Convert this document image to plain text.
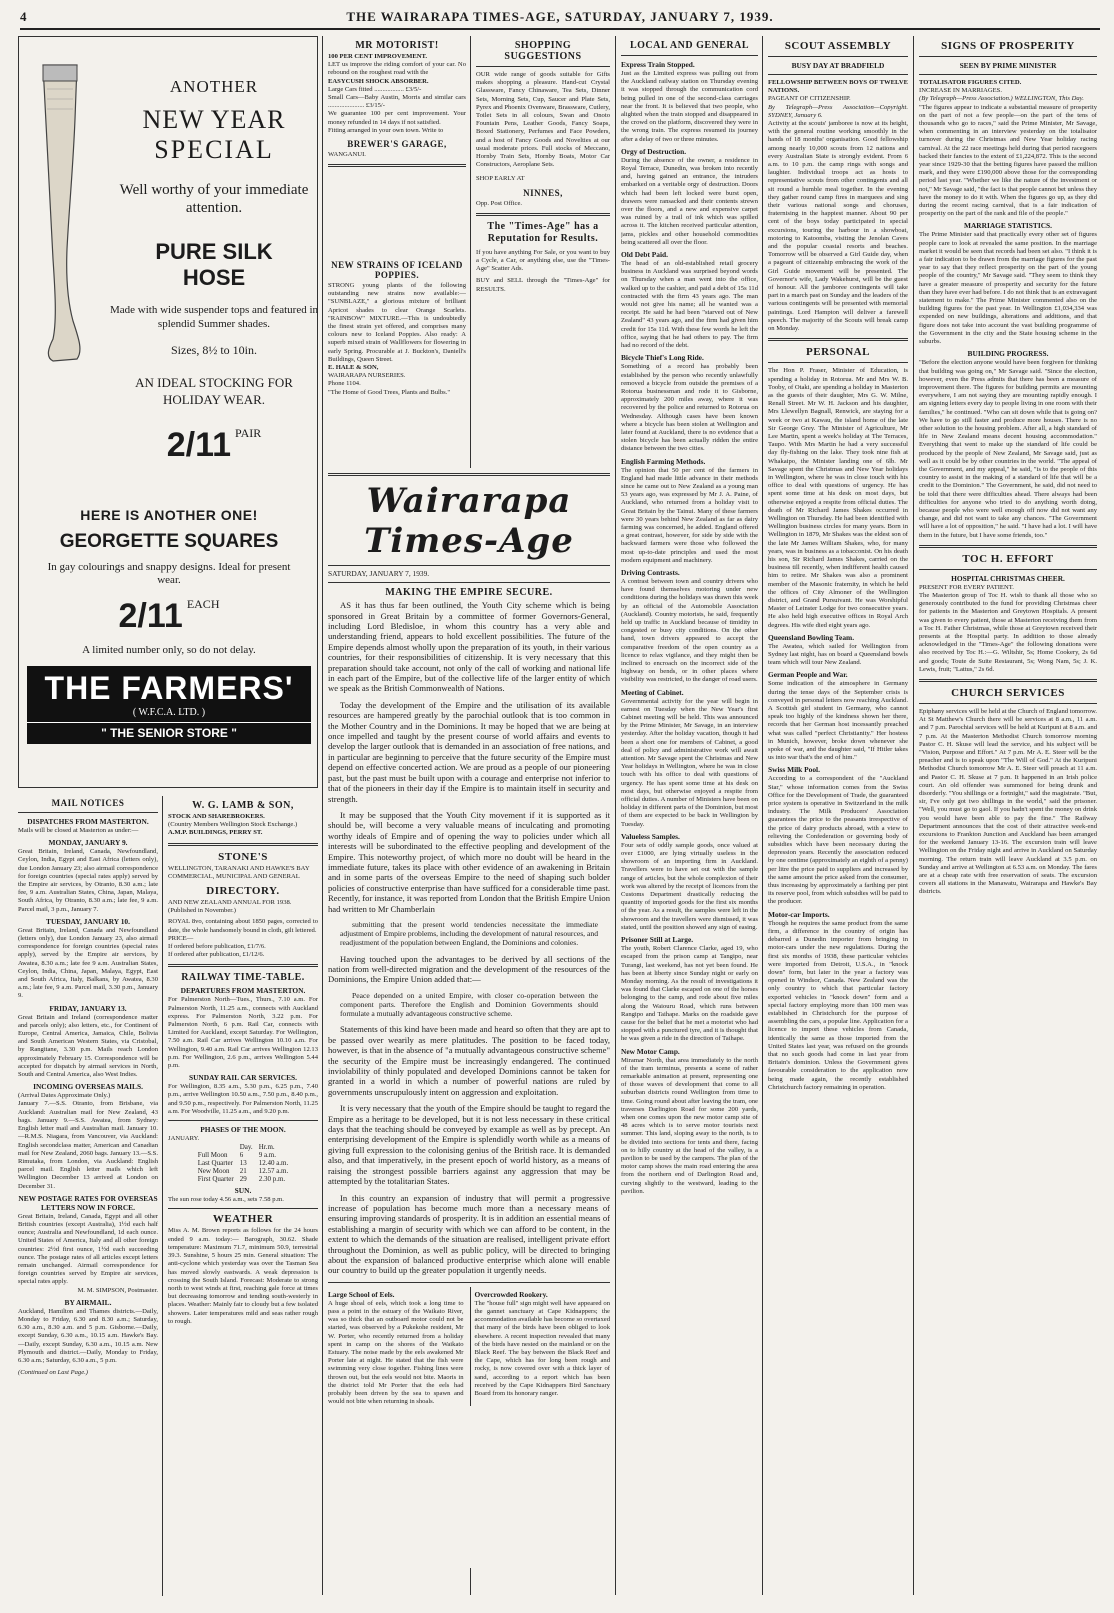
4	THE WAIRARAPA TIMES-AGE, SATURDAY, JANUARY 7, 1939.
ANOTHER
NEW YEAR
SPECIAL
Well worthy of your immediate attention.
PURE SILK HOSE
Made with wide suspender tops and featured in splendid Summer shades.
Sizes, 8½ to 10in.
AN IDEAL STOCKING FOR HOLIDAY WEAR.
2/11 $^{PAIR}$
HERE IS ANOTHER ONE!
GEORGETTE SQUARES
In gay colourings and snappy designs. Ideal for present wear.
2/11 $^{EACH}$
A limited number only, so do not delay.
THE FARMERS'
( W.F.C.A. LTD. )
" THE SENIOR STORE "
MAIL NOTICES
DISPATCHES FROM MASTERTON.
Mails will be closed at Masterton as under:—
MONDAY, JANUARY 9.
Great Britain, Ireland, Canada, Newfoundland, Ceylon, India, Egypt and East Africa (letters only), due London January 23; also airmail correspondence for foreign countries (special rates apply) served by the Empire air services, by Otranto, 8.30 a.m.; late fee, 9 a.m. Australian States, China, Japan, Malaya, South Africa, by Otranto, 8.30 a.m.; late fee, 9 a.m. Parcel mail, 3 p.m., January 7.
TUESDAY, JANUARY 10.
Great Britain, Ireland, Canada and Newfoundland (letters only), due London January 23, also airmail correspondence for foreign countries (special rates apply), served by the Empire air services, by Awatea, 8.30 a.m.; late fee 9 a.m. Australian States, Ceylon, India, China, Japan, Malaya, Egypt, East and South Africa, Italy, Balkans, by Awatea, 8.30 a.m.; late fee, 9 a.m. Parcel mail, 3.30 p.m., January 9.
FRIDAY, JANUARY 13.
Great Britain and Ireland (correspondence matter and parcels only); also letters, etc., for Continent of Europe, Central America, Jamaica, Chile, Bolivia and South American Western States, via Cristobal, by Rangitane, 3.30 p.m. Mails reach London approximately February 15. Correspondence will be accepted for dispatch by airmail services in North, South and Central America, also West Indies.
INCOMING OVERSEAS MAILS.
(Arrival Dates Approximate Only.)
January 7.—S.S. Otranto, from Brisbane, via Auckland: Australian mail for New Zealand, 43 bags. January 9.—S.S. Awatea, from Sydney: English letter mail and Australian mail. January 10.—R.M.S. Niagara, from Vancouver, via Auckland: English secondclass matter, American and Canadian mail for New Zealand, 2060 bags. January 13.—S.S. Rimutaka, from London, via Auckland: English parcel mail. English letter mails which left Wellington December 13 arrived at London on December 31.
NEW POSTAGE RATES FOR OVERSEAS LETTERS NOW IN FORCE.
Great Britain, Ireland, Canada, Egypt and all other British countries (except Australia), 1½d each half ounce; Australia and Newfoundland, 1d each ounce. United States of America, Italy and all other foreign countries: 2½d first ounce, 1½d each succeeding ounce. The postage rates of all articles except letters remain unchanged. Airmail correspondence for foreign countries served by Empire air services, special rates apply.
M. M. SIMPSON, Postmaster.
BY AIRMAIL.
Auckland, Hamilton and Thames districts.—Daily, Monday to Friday, 6.30 and 8.30 a.m.; Saturday, 6.30 a.m., 8.30 a.m. and 5 p.m. Gisborne.—Daily, except Sunday, 6.30 a.m., 10.15 a.m. Hawke's Bay.—Daily, except Sunday, 6.30 a.m., 10.15 a.m. New Plymouth and district.—Daily, Monday to Friday, 6.30 a.m.; Saturday, 6.30 a.m., 5 p.m.
(Continued on Last Page.)
W. G. LAMB & SON,
STOCK AND SHAREBROKERS.
(Country Members Wellington Stock Exchange.)
A.M.P. BUILDINGS, PERRY ST.
STONE'S
WELLINGTON, TARANAKI AND HAWKE'S BAY
COMMERCIAL, MUNICIPAL AND GENERAL
DIRECTORY.
AND NEW ZEALAND ANNUAL FOR 1938.
(Published in November.)
ROYAL 8vo, containing about 1850 pages, corrected to date, the whole handsomely bound in cloth, gilt lettered.
PRICE—
If ordered before publication, £1/7/6.
If ordered after publication, £1/12/6.
RAILWAY TIME-TABLE.
DEPARTURES FROM MASTERTON.
For Palmerston North—Tues., Thurs., 7.10 a.m. For Palmerston North, 11.25 a.m., connects with Auckland express. For Palmerston North, 3.22 p.m. For Palmerston North, 6 p.m. Rail Car, connects with Limited for Auckland, except Saturday. For Wellington, 7.50 a.m. Rail Car arrives Wellington 10.10 a.m. For Wellington, 9.40 a.m. Rail Car arrives Wellington 12.13 p.m. For Wellington, 2.6 p.m., arrives Wellington 5.44 p.m.
SUNDAY RAIL CAR SERVICES.
For Wellington, 8.35 a.m., 5.30 p.m., 6.25 p.m., 7.40 p.m., arrive Wellington 10.50 a.m., 7.50 p.m., 8.40 p.m., and 9.50 p.m., respectively. For Palmerston North, 11.25 a.m. For Woodville, 11.25 a.m., and 9.20 p.m.
PHASES OF THE MOON.
JANUARY.
	Day.	Hr.m.
Full Moon	6	9 a.m.
Last Quarter	13	12.40 a.m.
New Moon	21	12.57 a.m.
First Quarter	29	2.30 p.m.
SUN.
The sun rose today 4.56 a.m., sets 7.58 p.m.
WEATHER
Miss A. M. Brown reports as follows for the 24 hours ended 9 a.m. today:— Barograph, 30.62. Shade temperature: Maximum 71.7, minimum 50.9, terrestrial 39.3. Sunshine, 5 hours 25 min. General situation: The anti-cyclone which yesterday was over the Tasman Sea has moved slowly eastwards. A weak depression is crossing the South Island. Forecast: Moderate to strong north to west winds at first, reaching gale force at times but decreasing tomorrow and tending south-westerly in places. Weather: Mainly fair to cloudy but a few isolated showers. Later temperatures mild and seas rather rough to rough.
MR MOTORIST!
100 PER CENT IMPROVEMENT.
LET us improve the riding comfort of your car. No rebound on the roughest road with the
EASYCUSH SHOCK ABSORBER.
Large Cars fitted .................. £3/5/-
Small Cars—Baby Austin, Morris and similar cars ...................... £3/15/-
We guarantee 100 per cent improvement. Your money refunded in 14 days if not satisfied.
Fitting arranged in your own town. Write to
BREWER'S GARAGE,
WANGANUI.
NEW STRAINS OF ICELAND POPPIES.
STRONG young plants of the following outstanding new strains now available:— "SUNBLAZE," a glorious mixture of brilliant Apricot shades to clear Orange Scarlets. "RAINBOW" MIXTURE.—This is undoubtedly the finest strain yet offered, and comprises many colours new to Iceland Poppies. Also ready: A superb mixed strain of Wallflowers for flowering in early Spring. Procurable at J. Buckton's, Daniell's Buildings, Queen Street.
E. HALE & SON,
WAIRARAPA NURSERIES.
Phone 1104.
"The Home of Good Trees, Plants and Bulbs."
SHOPPING SUGGESTIONS
OUR wide range of goods suitable for Gifts makes shopping a pleasure. Hand-cut Crystal Glassware, Fancy Chinaware, Tea Sets, Dinner Sets, Morning Sets, Cup, Saucer and Plate Sets, Pyrex and Phoenix Ovenware, Brassware, Cutlery, Toilet Sets in all colours, Swan and Onoto Fountain Pens, Leather Goods, Fancy Soaps, Boxed Stationery, Perfumes and Face Powders, and a host of Fancy Goods and Novelties at our usual moderate prices. Full stocks of Meccano, Hornby Train Sets, Hornby Boats, Motor Car Constructors, Aeroplane Sets.
SHOP EARLY AT
NINNES,
Opp. Post Office.
The "Times-Age" has a Reputation for Results.
If you have anything For Sale, or you want to buy a Cycle, a Car, or anything else, use the "Times-Age" Scatter Ads.
BUY and SELL through the "Times-Age" for RESULTS.
Wairarapa Times-Age
SATURDAY, JANUARY 7, 1939.
MAKING THE EMPIRE SECURE.

AS it has thus far been outlined, the Youth City scheme which is being sponsored in Great Britain by a committee of former Governors-General, including Lord Bledisloe, in whom this country has a very able and understanding friend, appears to hold excellent possibilities. The future of the Empire depends almost wholly upon the preparation of its youth, in their various countries, for their responsibilities of citizenship. It is very necessary that this preparation should take account, not only of the call of working and national life in each part of the Empire, but of the collective life of the larger entity of which we speak as the British Commonwealth of Nations.

Today the development of the Empire and the utilisation of its available resources are hampered greatly by the parochial outlook that is too common in the Mother Country and in the Dominions. It may be hoped that we are being at once impelled and taught by the present course of world affairs and events to develop the larger outlook that is demanded in an association of free nations, and in particular are beginning to perceive that the future security of the Empire must depend on effective concerted action. We are proud as a people of our pioneering past, but the past must be built upon with a courage and enterprise not inferior to that of the pioneers in their day if the Empire is to maintain itself in security and strength.

It may be supposed that the Youth City movement if it is supported as it should be, will become a very valuable means of inculcating and promoting worthy ideals of Empire and of opening the way to policies under which all interests will be subordinated to the effective peopling and development of the Empire. This noteworthy project, of which more no doubt will be heard in the immediate future, takes its place with other evidence of an awakening in Britain and in some parts of the overseas Empire to the need of shaping such bolder policies of constructive enterprise than have sufficed for a considerable time past. Recently, for instance, it was reported from London that the British Empire Union had written to Mr Chamberlain

submitting that the present world tendencies necessitate the immediate adjustment of Empire problems, including the development of natural resources, and readjustment of the population between England, the Dominions and colonies.

Having touched upon the advantages to be derived by all sections of the nation from well-directed migration and the development of the resources of the Dominions, the Empire Union added that:—

Peace depended on a united Empire, with closer co-operation between the component parts. Therefore the English and Dominion Governments should formulate a mutually advantageous constructive scheme.

Statements of this kind have been made and heard so often that they are apt to be passed over wearily as mere platitudes. The position to be faced today, however, is that in the absence of "a mutually advantageous constructive scheme" the security of the Empire must be increasingly endangered. The continued inviolability of thinly populated and developed Dominions cannot be taken for granted in a world in which a number of powerful nations are ruled by governments unscrupulously intent on aggression and exploitation.

It is very necessary that the youth of the Empire should be taught to regard the Empire as a heritage to be developed, but it is not less necessary in these critical days that the teaching should be conveyed by example as well as by precept. An enterprising development of the Empire is splendidly worth while as a means of giving full expression to the colonising genius of the British race. It is demanded also, and that imperatively, in the present epoch of world history, as a means of raising the strongest possible barriers against any aggression that may be attempted by the totalitarian States.

In this country an expansion of industry that will permit a progressive increase of population has become much more than a necessary means of ensuring improving standards of prosperity. It is in addition an essential means of establishing a margin of security with which we can afford to be content, in the extent to which the demands of the situation are realised, intelligent private effort throughout the Dominion, as well as public policy, will be directed to bringing about the expansion of balanced productive enterprise which alone will enable our country to build up the greater population it urgently needs.

Large School of Eels.
A huge shoal of eels, which took a long time to pass a point in the estuary of the Waikato River, was so thick that an outboard motor could not be started, was observed by a Pukekohe resident, Mr W. Porter, who recently returned from a holiday spent in camp on the shores of the Waikato Estuary. The noise made by the eels awakened Mr Porter late at night. He stated that the fish were swimming very close together. Fishing lines were thrown out, but the eels would not bite. Maoris in the district told Mr Porter that the eels had probably been driven by the sea to spawn and would not bite when returning in shoals.
Overcrowded Rookery.
The "house full" sign might well have appeared on the gannet sanctuary at Cape Kidnappers; the accommodation available has become so overtaxed that many of the birds have been obliged to look elsewhere. A recent inspection revealed that many of the birds have nested on the mainland or on the Black Reef. The bay between the Black Reef and the Cape, which has for long been rough and rocky, is now covered over with a thick layer of sand, according to a report which has been received by the Cape Kidnappers Bird Sanctuary Board from its honorary ranger.
LOCAL AND GENERAL
Express Train Stopped.
Just as the Limited express was pulling out from the Auckland railway station on Thursday evening it was stopped through the communication cord being pulled in one of the second-class carriages near the front. It is believed that two people, who alighted when the train stopped and disappeared in the crowd on the platform, discovered they were in the wrong train. The express resumed its journey after a delay of two or three minutes.
Orgy of Destruction.
During the absence of the owner, a residence in Royal Terrace, Dunedin, was broken into recently and, having gained an entrance, the intruders embarked on a veritable orgy of destruction. Doors which had been left locked were burst open, drawers were ransacked and their contents strewn over the floors, and a new and expensive carpet was ruined by a trail of ink which was spilled across it. The kitchen received particular attention, jams, pickles and other household commodities being scattered all over the floor.
Old Debt Paid.
The head of an old-established retail grocery business in Auckland was surprised beyond words on Thursday when a man went into the office, walked up to the cashier, and paid a debt of 15s 11d contracted with the firm 43 years ago. The man would not give his name; all he wanted was a receipt. He said he had been "starved out of New Zealand" 43 years ago, and the firm had given him credit for 15s 11d. With these few words he left the office, saying that he had others to pay. The firm had no record of the debt.
Bicycle Thief's Long Ride.
Something of a record has probably been established by the person who recently unlawfully removed a bicycle from outside the premises of a Rotorua businessman and rode it to Gisborne, approximately 200 miles away, where it was recovered by the police and returned to Rotorua on Wednesday. Although cases have been known where a bicycle has been stolen at Wellington and later found at Auckland, there is no evidence that a stolen bicycle has been actually ridden the entire distance between the two cities.
English Farming Methods.
The opinion that 50 per cent of the farmers in England had made little advance in their methods since he came out to New Zealand as a young man 53 years ago, was expressed by Mr J. A. Paine, of Auckland, who returned from a holiday visit to Great Britain by the Tainui. Many of these farmers were 30 years behind New Zealand as far as dairy farming was concerned, he added. England offered a great contrast, however, for side by side with the backward farmers were those who followed the most up-to-date principles and used the most modern equipment and machinery.
Driving Contrasts.
A contrast between town and country drivers who have found themselves motoring under new conditions during the holidays was drawn this week by an official of the Automobile Association (Auckland). Country motorists, he said, frequently held up traffic in Auckland because of timidity in congested or busy city conditions. On the other hand, town drivers appeared to accept the comparative freedom of the open country as a licence to relax vigilance, and they might then be inclined to encroach on the incorrect side of the highway on bends, or in other places where visibility was restricted, to the danger of road users.
Meeting of Cabinet.
Governmental activity for the year will begin in earnest on Tuesday when the New Year's first Cabinet meeting will be held. This was announced by the Prime Minister, Mr Savage, in an interview yesterday. After the holiday vacation, though it had been a short one for members of Cabinet, a good deal of policy and administrative work will await attention. Mr Savage spent the Christmas and New Year holidays in Wellington, where he was in close touch with his office to deal with questions of urgency. He has spent some time at his desk on most days, but otherwise enjoyed a respite from official duties. A number of Ministers have been on holiday in different parts of the Dominion, but most of them are expected to be back in Wellington by Tuesday.
Valueless Samples.
Four sets of oddly sample goods, once valued at over £1000, are lying virtually useless in the showroom of an importing firm in Auckland. Travellers were to have set out with the sample range of articles, but the whole complexion of their work was altered by the receipt of licences from the Customs Department drastically reducing the quantity of imported goods for the first six months of the year. As a result, the samples were left in the showroom and the travellers were dismissed, it was stated, until the position showed any sign of easing.
Prisoner Still at Large.
The youth, Robert Clarence Clarke, aged 19, who escaped from the prison camp at Tangipo, near Turangi, last weekend, has not yet been found. He has been at liberty since Sunday night or early on Monday morning. As the result of investigations it was found that Clarke escaped on one of the horses belonging to the camp, and rode about five miles along the Waiouru Road, which runs between Rangipo and Taihape. Marks on the roadside gave cause for the belief that he met a motorist who had stopped with a punctured tyre, and it is thought that he was given a ride in the direction of Taihape.
New Motor Camp.
Miramar North, that area immediately to the north of the tram terminus, presents a scene of rather remarkable animation at present, representing one of those waves of development that come to all suburban districts round Wellington from time to time. Going round about after leaving the tram, one traverses Darlington Road for some 200 yards, when one comes upon the new motor camp site of 48 acres which is to serve motor tourists next summer. This land, sloping away to the north, is to be divided into sections for tents and there, facing on to hilly country at the head of the valley, is a pavilion to be used by the campers. The plan of the motor camp shows the main road entering the area from the northern end of Darlington Road and, curving slightly to the westward, leading to the pavilion.
SCOUT ASSEMBLY
BUSY DAY AT BRADFIELD
FELLOWSHIP BETWEEN BOYS OF TWELVE NATIONS.
PAGEANT OF CITIZENSHIP.
By Telegraph—Press Association—Copyright. SYDNEY, January 6.
Activity at the scouts' jamboree is now at its height, with the general routine working smoothly in the hands of 18 months' organisation. Good fellowship among nearly 10,000 scouts from 12 nations and every Australian State is strongly evident. From 6 a.m. to 10 p.m. the camp rings with songs and laughter. Individual troops act as hosts to representative scouts from other contingents and all sit round a humble meal together. In the evening they gather round camp fires in marquees and sing their various national songs and choruses, fraternising in the happiest manner. About 90 per cent of the boys today participated in special excursions, touring the harbour in a showboat, motoring to Katoomba, visiting the Jenolan Caves and the popular coastal resorts and beaches. Tomorrow will be observed a Girl Guide day, when a pageant of citizenship embracing the work of the Girl Guide movement will be presented. The Governor's wife, Lady Wakehurst, will be the guest of honour. All the jamboree contingents will take part in a march past on Sunday and the leaders of the various contingents will be presented with memorial paintings. Lord Hampton will deliver a farewell speech. The majority of the Scouts will break camp on Monday.
PERSONAL
The Hon P. Fraser, Minister of Education, is spending a holiday in Rotorua. Mr and Mrs W. B. Tooby, of Otaki, are spending a holiday in Masterton as the guests of their daughter, Mrs G. W. Milne, Renall Street. Mr W. H. Jackson and his daughter, Mrs Llewellyn Bagnall, Renwick, are staying for a week or two at Kawau, the island home of the late Sir George Grey. The Minister of Agriculture, Mr Lee Martin, spent a week's holiday at The Terraces, Taupo. With Mrs Martin he had a very successful day fly-fishing on the lake. They took nine fish at Whakaipo, the Minister landing one of 6lb. Mr Savage spent the Christmas and New Year holidays in Wellington, where he was in close touch with his office to deal with questions of urgency. He has spent some time at his desk on most days, but otherwise enjoyed a respite from official duties. The death of Mr Richard James Shakes occurred in Wellington on Thursday. He had been identified with Wellington business circles for many years. Born in Wellington in 1879, Mr Shakes was the eldest son of the late Mr James William Shakes, who, for many years, was in business as a tobacconist. On his death his son, Sir Richard James Shakes, carried on the business till recently, when indifferent health caused him to retire. Mr Shakes was also a prominent member of the Masonic fraternity, in which he held the offices of City Almoner of the Wellington district, and Grand Pursuivant. He was Worshipful Master of Leinster Lodge for two consecutive years. He also held high executive offices in Royal Arch degrees. His wife died eight years ago.
Queensland Bowling Team.
The Awatea, which sailed for Wellington from Sydney last night, has on board a Queensland bowls team which will tour New Zealand.
German People and War.
Some indication of the atmosphere in Germany during the tense days of the September crisis is conveyed in personal letters now reaching Auckland. A Scottish girl student in Germany, who cannot speak too highly of the kindness shown her there, records that her German host incessantly preached what was called "perfect Christianity." Her hostess in Munich, however, broke down whenever she spoke of war, and the daughter said, "If Hitler takes us into war that's the end of him."
Swiss Milk Pool.
According to a correspondent of the "Auckland Star," whose information comes from the Swiss Office for the Development of Trade, the guaranteed price system is operative in Switzerland in the milk industry. The Milk Producers' Association guarantees the price to the peasants irrespective of the price of dairy products abroad, with a view to relieving the Confederation or governing body of subsidies which have been necessary during the depression years. Recently the association reduced by one centime (approximately an eighth of a penny) per litre the price paid to suppliers and increased by the same amount the price asked from the consumer, thus increasing by approximately a farthing per pint its reserve pool, from which subsidies will be paid to the producer.
Motor-car Imports.
Though he requires the same product from the same firm, a difference in the country of origin has debarred a Dunedin importer from bringing in motor-cars under the new regulations. During the first six months of 1938, these particular vehicles were imported from Detroit, U.S.A., in "knock down" form, but later in the year a factory was opened in Windsor, Canada. New Zealand was the only country to which that particular factory exported vehicles in "knock down" form and a special factory employing more than 100 men was established in Christchurch for the purpose of assembling the cars, a popular line. Application for a licence to import these vehicles from Canada, identically the same as those imported from the United States last year, was refused on the grounds that no such goods had come in last year from Britain's dominion. Unless the Government gives favourable consideration to the application now being made again, the recently established Christchurch factory remaining in operation.
SIGNS OF PROSPERITY
SEEN BY PRIME MINISTER
TOTALISATOR FIGURES CITED.
INCREASE IN MARRIAGES.
(By Telegraph—Press Association.) WELLINGTON, This Day.
"The figures appear to indicate a substantial measure of prosperity on the part of not a few people—on the part of the tens of thousands who go to races," said the Prime Minister, Mr Savage, when commenting in an interview yesterday on the totalisator turnover during the Christmas and New Year holiday racing carnival. At the 22 race meetings held during that period racegoers backed their fancies to the extent of £1,224,872. This is the second year since 1929-30 that the betting figures have passed the million mark, and they were £190,000 above those for the corresponding period last year. "Whether we like the nature of the investment or not," Mr Savage said, "the fact is that people cannot bet unless they have the money to do it with. When the figures go up, as they did during the recent racing carnival, that is a fair indication of prosperity on the part of the rank and file of the people."
MARRIAGE STATISTICS.
The Prime Minister said that practically every other set of figures people care to look at revealed the same position. In the marriage market it would be seen that records had been set also. "I think it is a fair indication to be drawn from the marriage figures for the past year to say that they reflect prosperity on the part of the young people of the country," Mr Savage said. "They seem to think they have a greater measure of prosperity and security for the future than they have ever had before. I do not think that is an extravagant statement to make." The Prime Minister commented also on the building figures for the past year. In Wellington £1,034,334 was expended on new buildings, alterations and additions, and that figure does not take into account the vast building programme of the Government in the city and the State housing scheme in the suburbs.
BUILDING PROGRESS.
"Before the election anyone would have been forgiven for thinking that building was going on," Mr Savage said. "Since the election, however, even the Press admits that there has been a measure of improvement there. The figures for building permits are mounting everywhere, I am not saying they are mounting rapidly enough. I am signing letters every day to people living in one room with their families," he continued. "Who can sit down while that is going on? We have to go still faster and produce more houses. There is no other solution to the housing problem. After all, a high standard of life in New Zealand means decent housing accommodation." Everything that went to make up the standard of life could be produced by the people of New Zealand, Mr Savage said, just as well as it could be by other countries in the world. "The appeal of the Government, and my appeal," he said, "is to the people of this country to assist in the making of a standard of life that will be a credit to the Dominion." The Government, he said, did not need to be told that there were difficulties ahead. There always had been difficulties for anyone who tried to do anything worth doing, because people who were well enough off now did not want any change, and did not want to take any chances. "The Government will have a lot of opposition," he said. "I have had a lot. I will have them in the future, but I have some friends, too."
TOC H. EFFORT
HOSPITAL CHRISTMAS CHEER.
PRESENT FOR EVERY PATIENT.
The Masterton group of Toc H. wish to thank all those who so generously contributed to the fund for providing Christmas cheer for patients in the Masterton and Greytown Hospitals. A present was given to every patient, those at Masterton receiving them from a Toc H. Father Christmas, while those at Greytown received their presents at the Hospital party. In addition to those already acknowledged in the "Times-Age" the following donations were also received by Toc H.:—G. Wiltshir, 5s; Home Cookery, 2s 6d and goods; Toute de Suite Restaurant, 5s; Wong Nam, 5s; J. K. Lewis, fruit; "Lattus," 2s 6d.
CHURCH SERVICES
Epiphany services will be held at the Church of England tomorrow. At St Matthew's Church there will be services at 8 a.m., 11 a.m. and 7 p.m. Parochial services will be held at Kuripuni at 8 a.m. and 7 p.m. At the Masterton Methodist Church tomorrow morning Pastor C. H. Skuse will lead the service, and his subject will be "Vision, Purpose and Effort." At 7 p.m. Mr A. E. Steer will be the preacher and is to speak upon "The Will of God." At the Kuripuni Methodist Church tomorrow Mr A. E. Steer will preach at 11 a.m. and Pastor C. H. Skuse at 7 p.m. It happened in an Irish police court. An old offender was summoned for being drunk and disorderly. "You shillings or a fortnight," said the magistrate. "But, sir, I've only got two shillings in the world," said the prisoner. "Well, you must go to gaol. If you hadn't spent the money on drink you would have been able to pay the fine." The Railway Department announces that the cost of their attractive week-end excursions to Frankton Junction and Auckland has been arranged for the weekend January 13-16. The excursion train will leave Wellington on the Friday night and arrive in Auckland on Saturday morning. The return train will leave Auckland at 3.5 p.m. on Sunday and arrive at Wellington at 6.53 a.m. on Monday. The fares are at a cheap rate with free reservation of seats. The excursion covers all stations in the Manawatu, Wairarapa and Hawke's Bay districts.
